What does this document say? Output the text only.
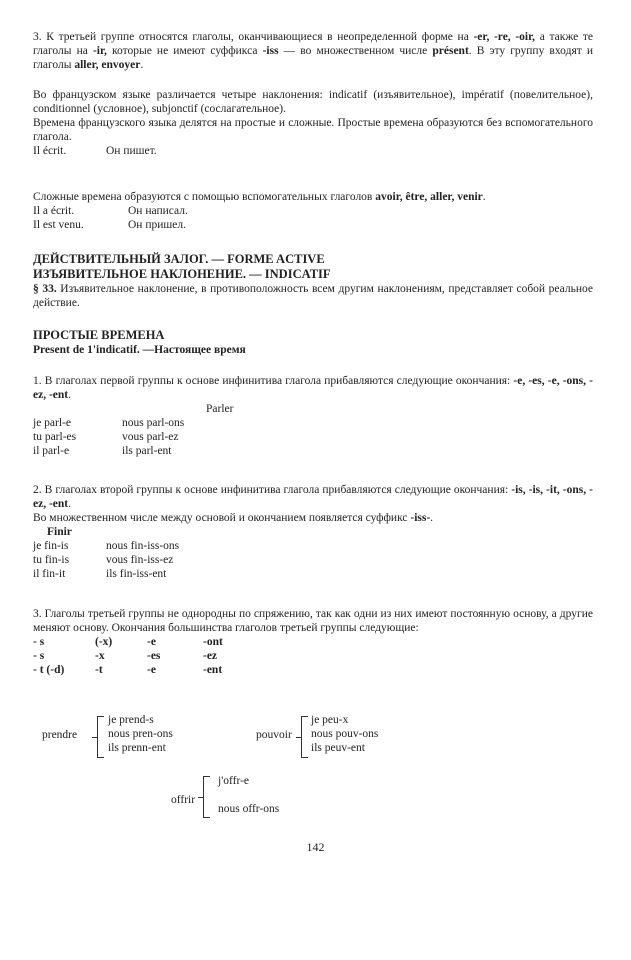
3. К третьей группе относятся глаголы, оканчивающиеся в неопределенной форме на -er, -re, -oir, а также те глаголы на -ir, которые не имеют суффикса -iss — во множественном числе présent. В эту группу входят и глаголы aller, envoyer.

Во французском языке различается четыре наклонения: indicatif (изъявительное), impératif (повелительное), conditionnel (условное), subjonctif (сослагательное).

Времена французского языка делятся на простые и сложные. Простые времена образуются без вспомогательного глагола.

Il écrit.	Он пишет.

Сложные времена образуются с помощью вспомогательных глаголов avoir, être, aller, venir.

Il a écrit.	Он написал.
Il est venu.	Он пришел.
ДЕЙСТВИТЕЛЬНЫЙ ЗАЛОГ. — FORME ACTIVE
ИЗЪЯВИТЕЛЬНОЕ НАКЛОНЕНИЕ. — INDICATIF

§ 33. Изъявительное наклонение, в противоположность всем другим наклонениям, представляет собой реальное действие.

ПРОСТЫЕ ВРЕМЕНА
Present de 1'indicatif. —Настоящее время

1. В глаголах первой группы к основе инфинитива глагола прибавляются следующие окончания: -e, -es, -e, -ons, -ez, -ent.

Parler
je parl-e	nous parl-ons
tu parl-es	vous parl-ez
il parl-e	ils parl-ent

2. В глаголах второй группы к основе инфинитива глагола прибавляются следующие окончания: -is, -is, -it, -ons, -ez, -ent.

Во множественном числе между основой и окончанием появляется суффикс -iss-.

Finir
je fin-is	nous fin-iss-ons
tu fin-is	vous fin-iss-ez
il fin-it	ils fin-iss-ent

3. Глаголы третьей группы не однородны по спряжению, так как одни из них имеют постоянную основу, а другие меняют основу. Окончания большинства глаголов третьей группы следующие:

- s	(-x)	-e	-ont
- s	-x	-es	-ez
- t (-d)	-t	-e	-ent
prendre
je prend-s
nous pren-ons
ils prenn-ent
pouvoir
je peu-x
nous pouv-ons
ils peuv-ent
offrir
j'offr-e
nous offr-ons
142
